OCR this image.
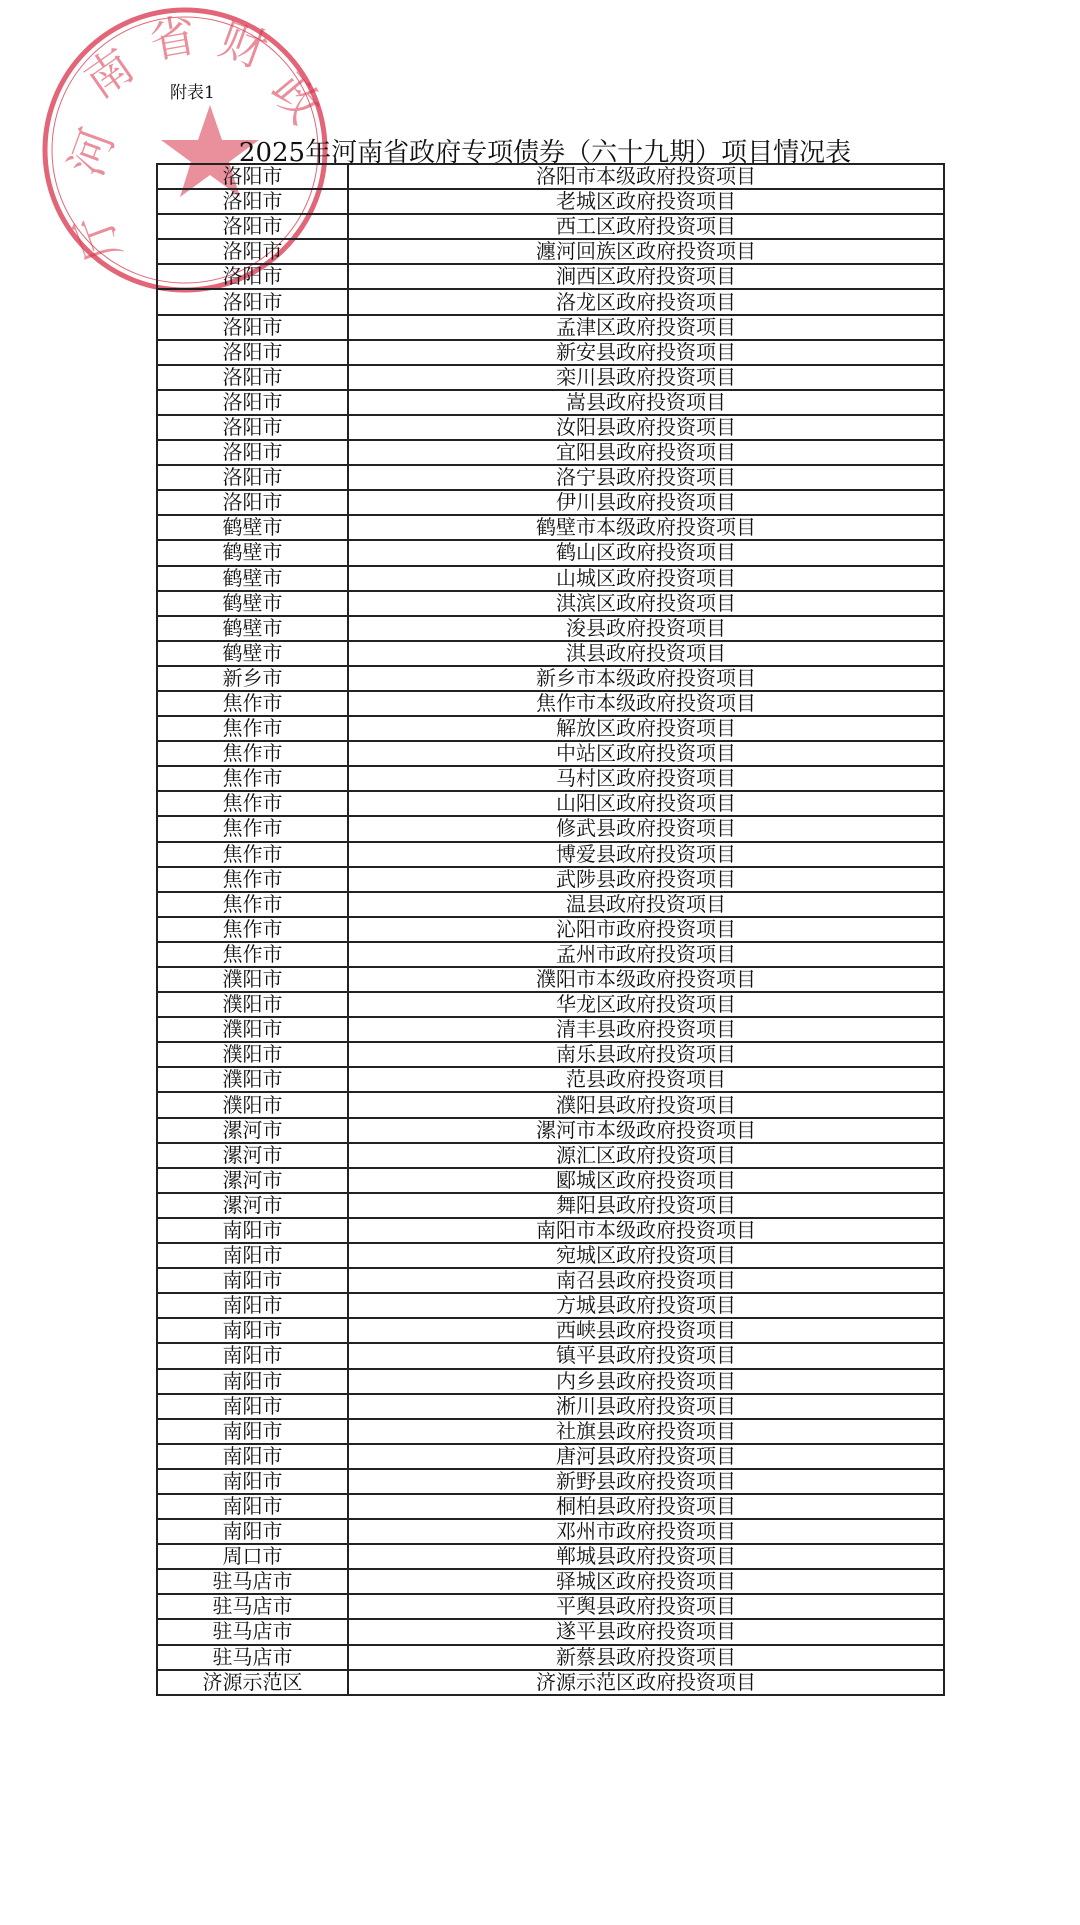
河
南 省 财
政
厅
附表1
2025年河南省政府专项债券（六十九期）项目情况表
洛阳市	洛阳市本级政府投资项目
洛阳市	老城区政府投资项目
洛阳市	西工区政府投资项目
洛阳市	瀍河回族区政府投资项目
洛阳市	涧西区政府投资项目
洛阳市	洛龙区政府投资项目
洛阳市	孟津区政府投资项目
洛阳市	新安县政府投资项目
洛阳市	栾川县政府投资项目
洛阳市	嵩县政府投资项目
洛阳市	汝阳县政府投资项目
洛阳市	宜阳县政府投资项目
洛阳市	洛宁县政府投资项目
洛阳市	伊川县政府投资项目
鹤壁市	鹤壁市本级政府投资项目
鹤壁市	鹤山区政府投资项目
鹤壁市	山城区政府投资项目
鹤壁市	淇滨区政府投资项目
鹤壁市	浚县政府投资项目
鹤壁市	淇县政府投资项目
新乡市	新乡市本级政府投资项目
焦作市	焦作市本级政府投资项目
焦作市	解放区政府投资项目
焦作市	中站区政府投资项目
焦作市	马村区政府投资项目
焦作市	山阳区政府投资项目
焦作市	修武县政府投资项目
焦作市	博爱县政府投资项目
焦作市	武陟县政府投资项目
焦作市	温县政府投资项目
焦作市	沁阳市政府投资项目
焦作市	孟州市政府投资项目
濮阳市	濮阳市本级政府投资项目
濮阳市	华龙区政府投资项目
濮阳市	清丰县政府投资项目
濮阳市	南乐县政府投资项目
濮阳市	范县政府投资项目
濮阳市	濮阳县政府投资项目
漯河市	漯河市本级政府投资项目
漯河市	源汇区政府投资项目
漯河市	郾城区政府投资项目
漯河市	舞阳县政府投资项目
南阳市	南阳市本级政府投资项目
南阳市	宛城区政府投资项目
南阳市	南召县政府投资项目
南阳市	方城县政府投资项目
南阳市	西峡县政府投资项目
南阳市	镇平县政府投资项目
南阳市	内乡县政府投资项目
南阳市	淅川县政府投资项目
南阳市	社旗县政府投资项目
南阳市	唐河县政府投资项目
南阳市	新野县政府投资项目
南阳市	桐柏县政府投资项目
南阳市	邓州市政府投资项目
周口市	郸城县政府投资项目
驻马店市	驿城区政府投资项目
驻马店市	平舆县政府投资项目
驻马店市	遂平县政府投资项目
驻马店市	新蔡县政府投资项目
济源示范区	济源示范区政府投资项目
